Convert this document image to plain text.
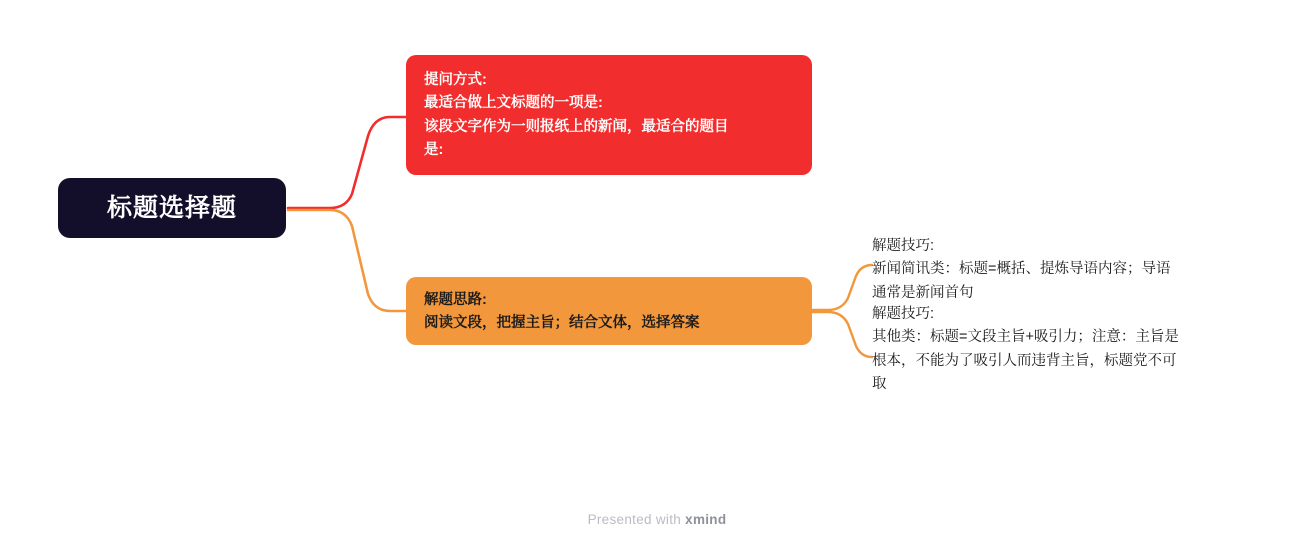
标题选择题
提问方式:
最适合做上文标题的一项是:
该段文字作为一则报纸上的新闻，最适合的题目
是:
解题思路:
阅读文段，把握主旨；结合文体，选择答案
解题技巧:
新闻简讯类：标题=概括、提炼导语内容；导语
通常是新闻首句
解题技巧:
其他类：标题=文段主旨+吸引力；注意：主旨是
根本，不能为了吸引人而违背主旨，标题党不可
取
Presented with xmind
